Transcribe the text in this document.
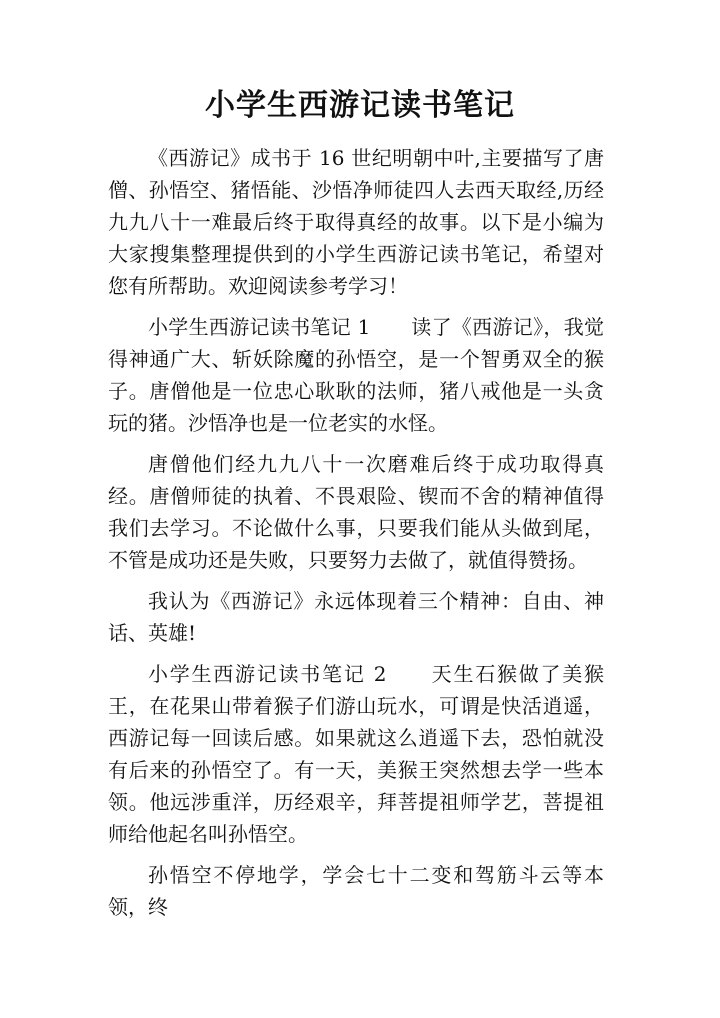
小学生西游记读书笔记

《西游记》成书于 16 世纪明朝中叶,主要描写了唐僧、孙悟空、猪悟能、沙悟净师徒四人去西天取经,历经九九八十一难最后终于取得真经的故事。以下是小编为大家搜集整理提供到的小学生西游记读书笔记，希望对您有所帮助。欢迎阅读参考学习！

小学生西游记读书笔记 1　　读了《西游记》，我觉得神通广大、斩妖除魔的孙悟空，是一个智勇双全的猴子。唐僧他是一位忠心耿耿的法师，猪八戒他是一头贪玩的猪。沙悟净也是一位老实的水怪。

唐僧他们经九九八十一次磨难后终于成功取得真经。唐僧师徒的执着、不畏艰险、锲而不舍的精神值得我们去学习。不论做什么事，只要我们能从头做到尾，不管是成功还是失败，只要努力去做了，就值得赞扬。

我认为《西游记》永远体现着三个精神：自由、神话、英雄!

小学生西游记读书笔记 2　　天生石猴做了美猴王，在花果山带着猴子们游山玩水，可谓是快活逍遥，西游记每一回读后感。如果就这么逍遥下去，恐怕就没有后来的孙悟空了。有一天，美猴王突然想去学一些本领。他远涉重洋，历经艰辛，拜菩提祖师学艺，菩提祖师给他起名叫孙悟空。

孙悟空不停地学，学会七十二变和驾筋斗云等本领，终
